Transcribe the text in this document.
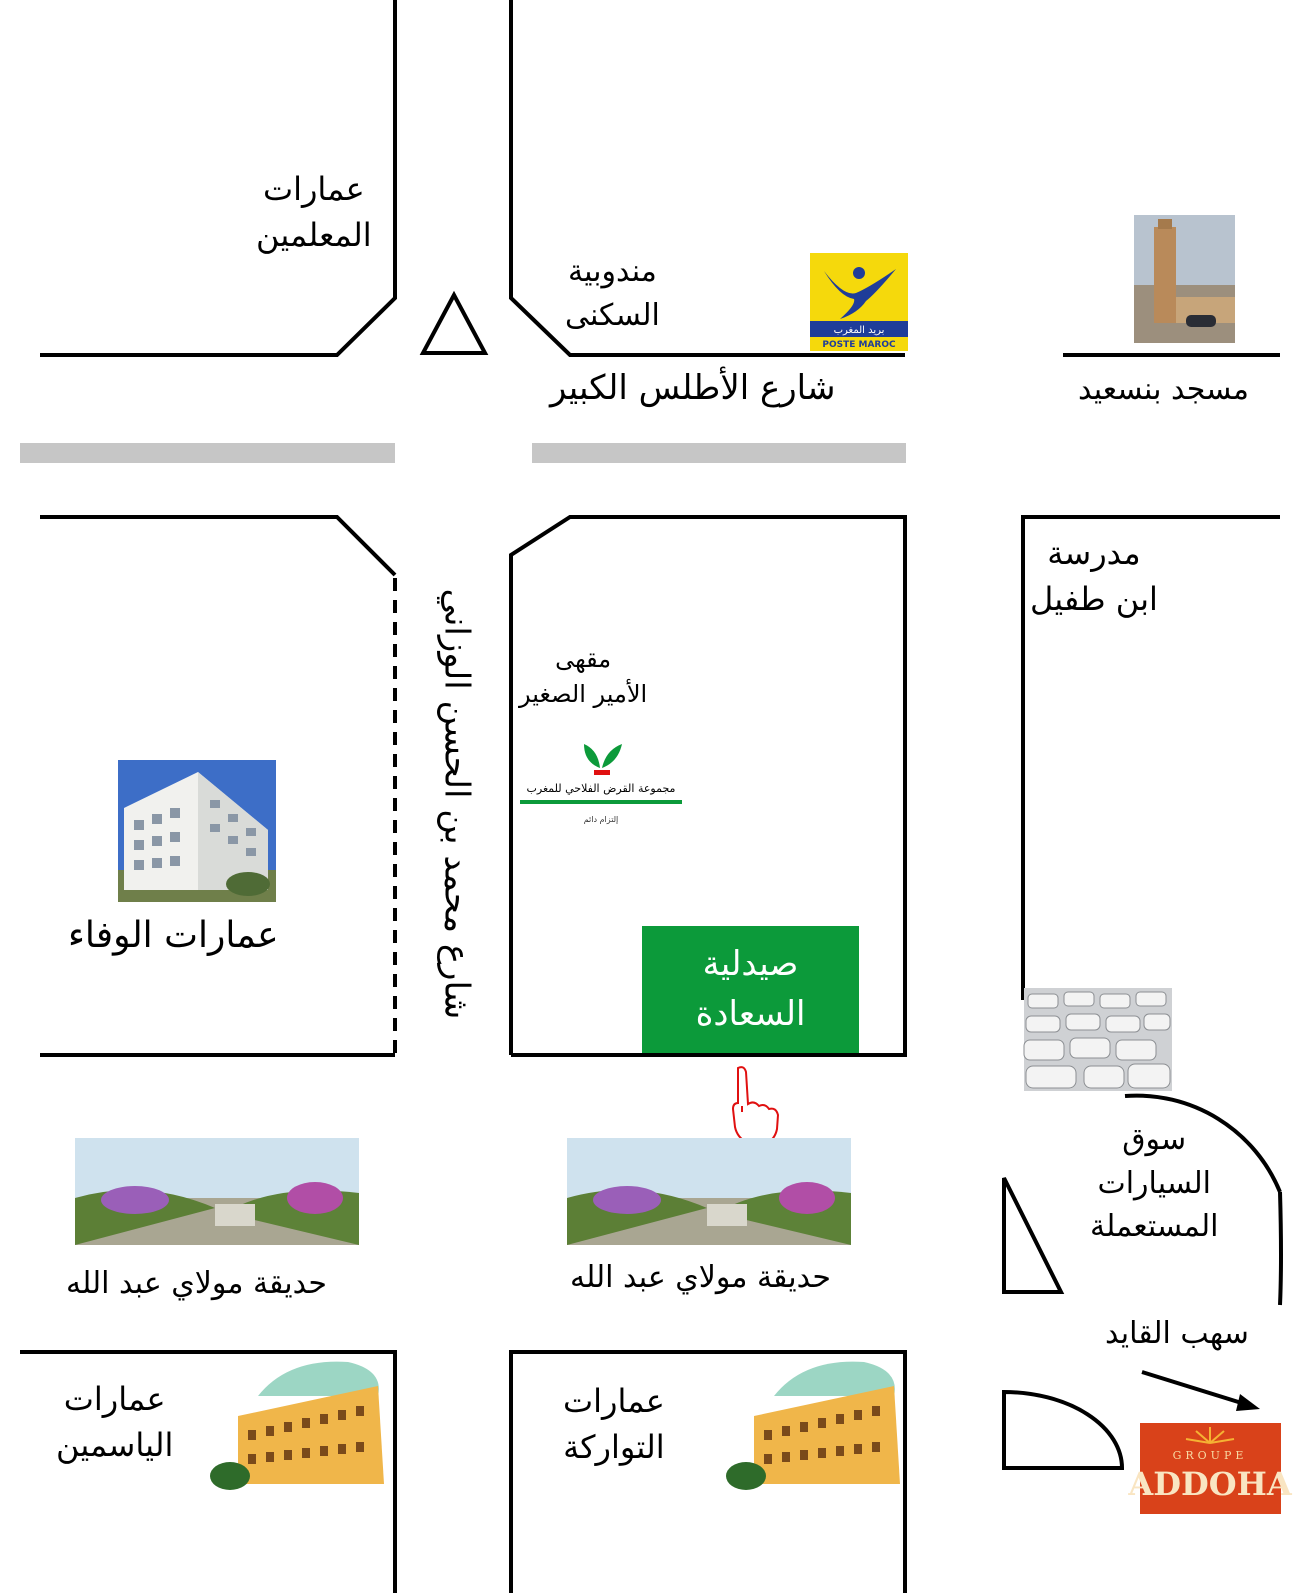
عمارات
المعلمين
مندوبية
السكنى
شارع الأطلس الكبير	مسجد بنسعيد
مدرسة
ابن طفيل
شارع محمد بن الحسن الوزاني	مقهى
الأمير الصغير
عمارات الوفاء
صيدلية
السعادة
سوق
السيارات
المستعملة
حديقة مولاي عبد الله	حديقة مولاي عبد الله
سهب القايد
عمارات
الياسمين
عمارات
التواركة
بريد المغرب
POSTE MAROC
مجموعة القرض الفلاحي للمغرب
إلتزام دائم
GROUPE
ADDOHA
